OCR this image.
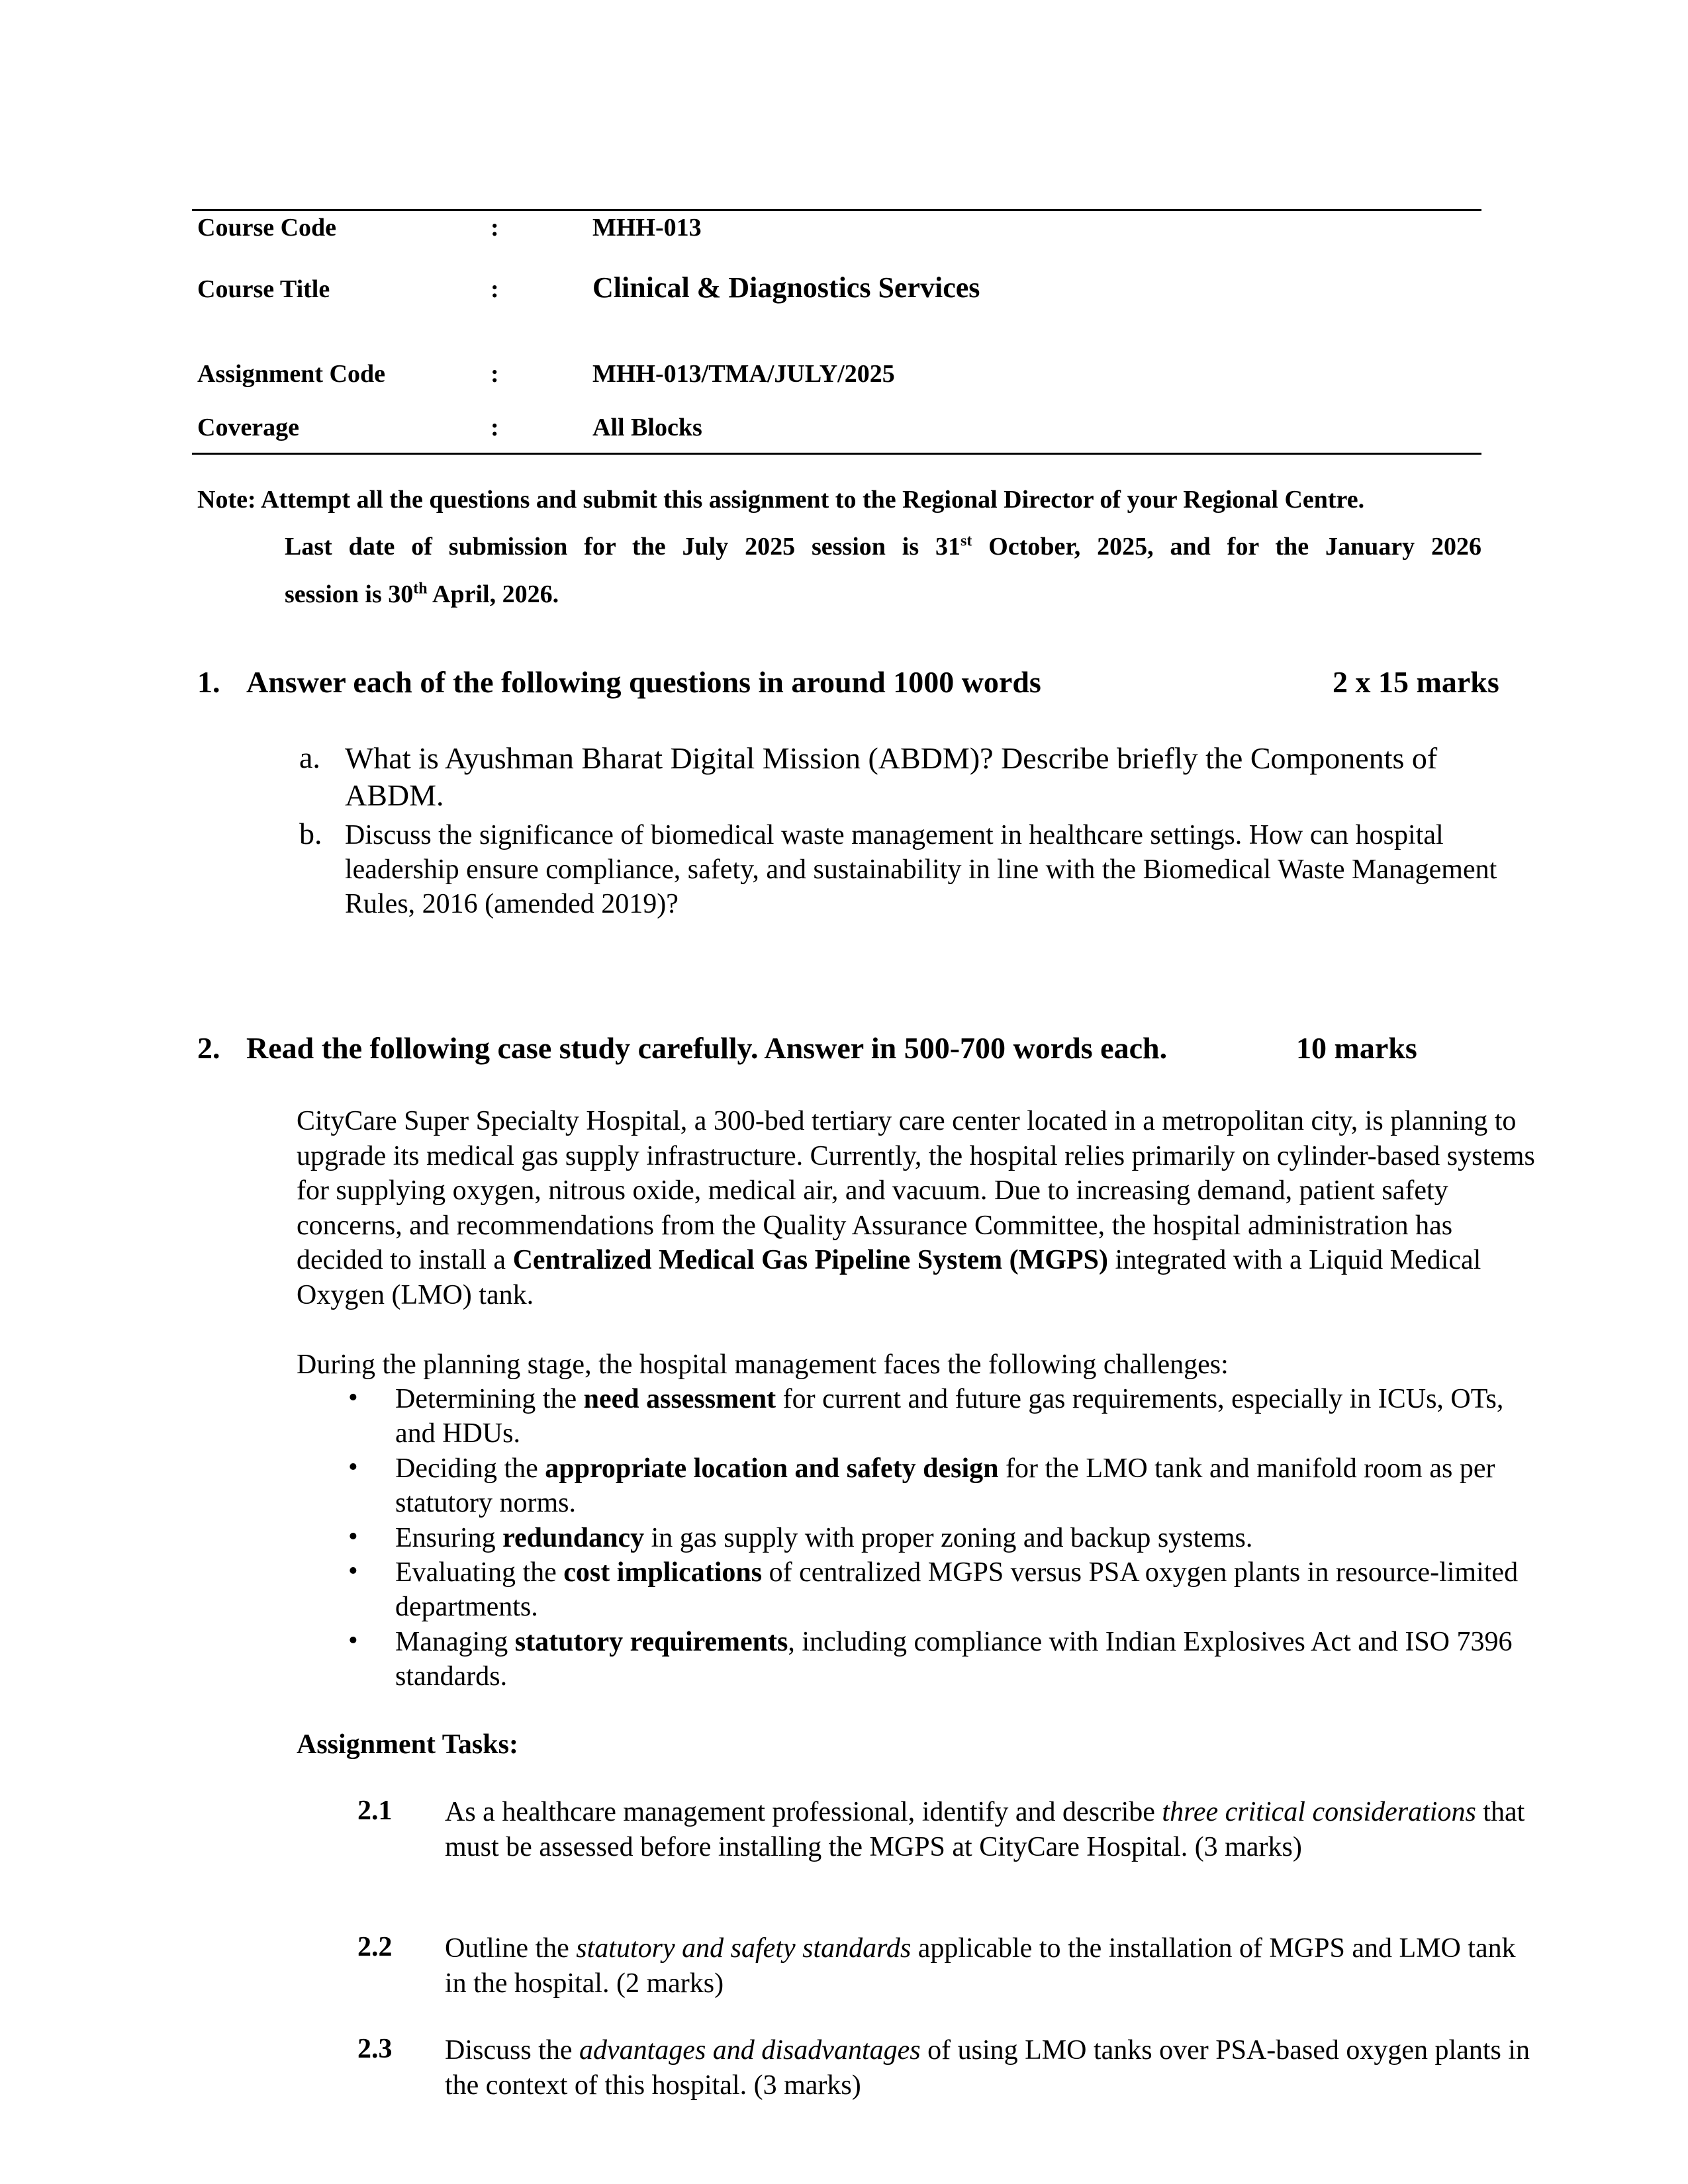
Course Code	:	MHH-013
Course Title	:	Clinical & Diagnostics Services
Assignment Code	:	MHH-013/TMA/JULY/2025
Coverage	:	All Blocks
Note: Attempt all the questions and submit this assignment to the Regional Director of your Regional Centre.
Last date of submission for the July 2025 session is 31st October, 2025, and for the January 2026
session is 30th April, 2026.
1. Answer each of the following questions in around 1000 words	2 x 15 marks
a. What is Ayushman Bharat Digital Mission (ABDM)? Describe briefly the Components of ABDM.
b. Discuss the significance of biomedical waste management in healthcare settings. How can hospital leadership ensure compliance, safety, and sustainability in line with the Biomedical Waste Management Rules, 2016 (amended 2019)?
2. Read the following case study carefully. Answer in 500-700 words each.	10 marks
CityCare Super Specialty Hospital, a 300-bed tertiary care center located in a metropolitan city, is planning to upgrade its medical gas supply infrastructure. Currently, the hospital relies primarily on cylinder-based systems for supplying oxygen, nitrous oxide, medical air, and vacuum. Due to increasing demand, patient safety concerns, and recommendations from the Quality Assurance Committee, the hospital administration has decided to install a Centralized Medical Gas Pipeline System (MGPS) integrated with a Liquid Medical Oxygen (LMO) tank.
During the planning stage, the hospital management faces the following challenges:
• Determining the need assessment for current and future gas requirements, especially in ICUs, OTs, and HDUs.
• Deciding the appropriate location and safety design for the LMO tank and manifold room as per statutory norms.
• Ensuring redundancy in gas supply with proper zoning and backup systems.
• Evaluating the cost implications of centralized MGPS versus PSA oxygen plants in resource-limited departments.
• Managing statutory requirements, including compliance with Indian Explosives Act and ISO 7396 standards.
Assignment Tasks:
2.1 As a healthcare management professional, identify and describe three critical considerations that must be assessed before installing the MGPS at CityCare Hospital. (3 marks)
2.2 Outline the statutory and safety standards applicable to the installation of MGPS and LMO tank in the hospital. (2 marks)
2.3 Discuss the advantages and disadvantages of using LMO tanks over PSA-based oxygen plants in the context of this hospital. (3 marks)
